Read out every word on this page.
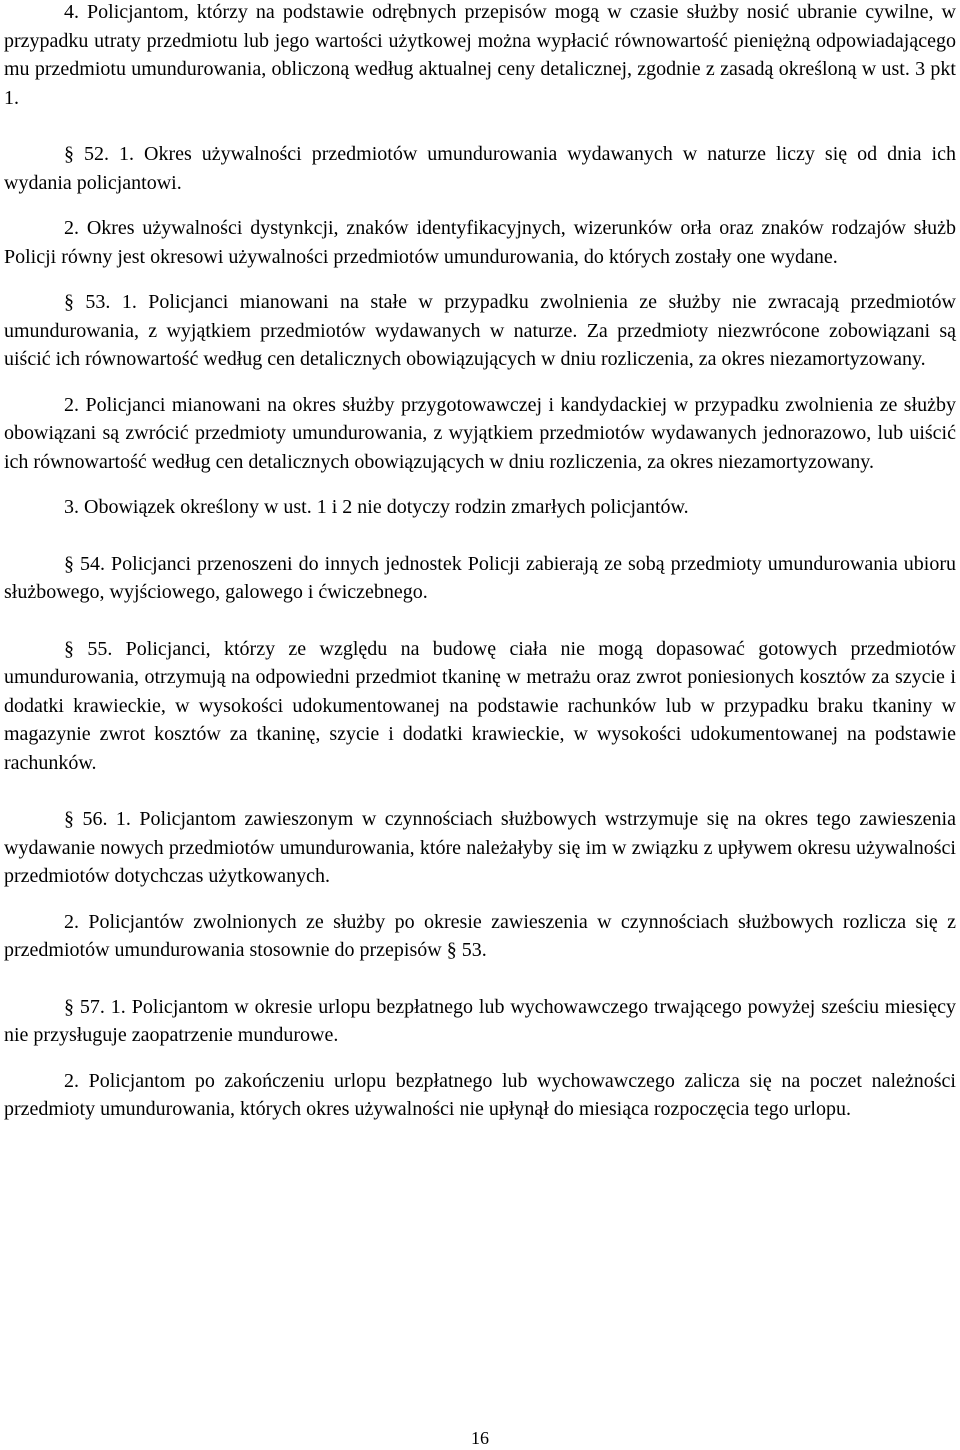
4. Policjantom, którzy na podstawie odrębnych przepisów mogą w czasie służby nosić ubranie cywilne, w przypadku utraty przedmiotu lub jego wartości użytkowej można wypłacić równowartość pieniężną odpowiadającego mu przedmiotu umundurowania, obliczoną według aktualnej ceny detalicznej, zgodnie z zasadą określoną w ust. 3 pkt 1.

§ 52. 1. Okres używalności przedmiotów umundurowania wydawanych w naturze liczy się od dnia ich wydania policjantowi.

2. Okres używalności dystynkcji, znaków identyfikacyjnych, wizerunków orła oraz znaków rodzajów służb Policji równy jest okresowi używalności przedmiotów umundurowania, do których zostały one wydane.

§ 53. 1. Policjanci mianowani na stałe w przypadku zwolnienia ze służby nie zwracają przedmiotów umundurowania, z wyjątkiem przedmiotów wydawanych w naturze. Za przedmioty niezwrócone zobowiązani są uiścić ich równowartość według cen detalicznych obowiązujących w dniu rozliczenia, za okres niezamortyzowany.

2. Policjanci mianowani na okres służby przygotowawczej i kandydackiej w przypadku zwolnienia ze służby obowiązani są zwrócić przedmioty umundurowania, z wyjątkiem przedmiotów wydawanych jednorazowo, lub uiścić ich równowartość według cen detalicznych obowiązujących w dniu rozliczenia, za okres niezamortyzowany.

3. Obowiązek określony w ust. 1 i 2 nie dotyczy rodzin zmarłych policjantów.

§ 54. Policjanci przenoszeni do innych jednostek Policji zabierają ze sobą przedmioty umundurowania ubioru służbowego, wyjściowego, galowego i ćwiczebnego.

§ 55. Policjanci, którzy ze względu na budowę ciała nie mogą dopasować gotowych przedmiotów umundurowania, otrzymują na odpowiedni przedmiot tkaninę w metrażu oraz zwrot poniesionych kosztów za szycie i dodatki krawieckie, w wysokości udokumentowanej na podstawie rachunków lub w przypadku braku tkaniny w magazynie zwrot kosztów za tkaninę, szycie i dodatki krawieckie, w wysokości udokumentowanej na podstawie rachunków.

§ 56. 1. Policjantom zawieszonym w czynnościach służbowych wstrzymuje się na okres tego zawieszenia wydawanie nowych przedmiotów umundurowania, które należałyby się im w związku z upływem okresu używalności przedmiotów dotychczas użytkowanych.

2. Policjantów zwolnionych ze służby po okresie zawieszenia w czynnościach służbowych rozlicza się z przedmiotów umundurowania stosownie do przepisów § 53.

§ 57. 1. Policjantom w okresie urlopu bezpłatnego lub wychowawczego trwającego powyżej sześciu miesięcy nie przysługuje zaopatrzenie mundurowe.

2. Policjantom po zakończeniu urlopu bezpłatnego lub wychowawczego zalicza się na poczet należności przedmioty umundurowania, których okres używalności nie upłynął do miesiąca rozpoczęcia tego urlopu.

16
